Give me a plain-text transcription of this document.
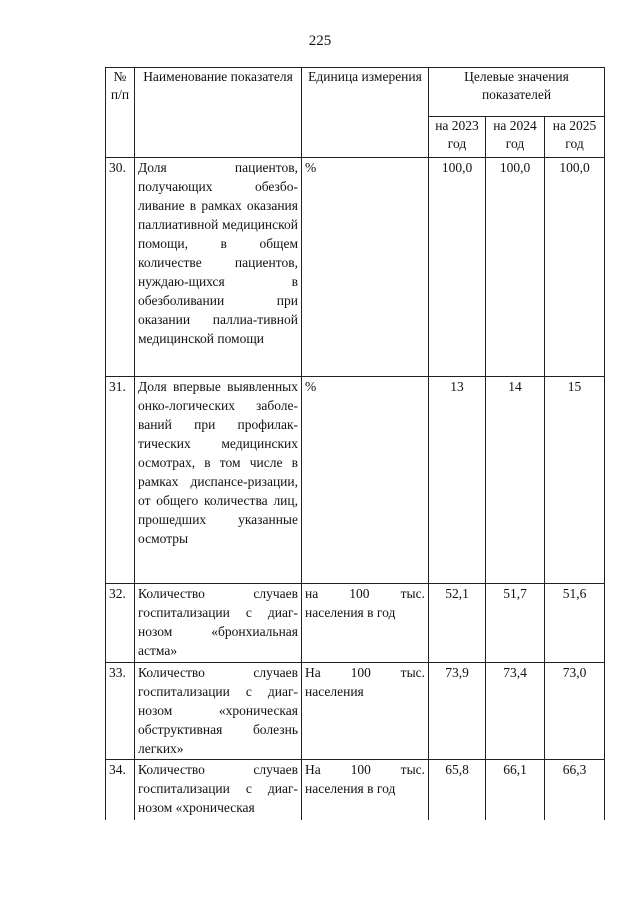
225
№ п/п	Наименование показателя	Единица измерения	Целевые значения показателей		
			на 2023 год	на 2024 год	на 2025 год
30.	Доля пациентов, получающих обезбо-ливание в рамках оказания паллиативной медицинской помощи, в общем количестве пациентов, нуждаю-щихся в обезболивании при оказании паллиа-тивной медицинской помощи	%	100,0	100,0	100,0
31.	Доля впервые выявленных онко-логических заболе-ваний при профилак-тических медицинских осмотрах, в том числе в рамках диспансе-ризации, от общего количества лиц, прошедших указанные осмотры	%	13	14	15
32.	Количество случаев госпитализации с диаг-нозом «бронхиальная астма»	на 100 тыс. населения в год	52,1	51,7	51,6
33.	Количество случаев госпитализации с диаг-нозом «хроническая обструктивная болезнь легких»	На 100 тыс. населения	73,9	73,4	73,0
34.	Количество случаев госпитализации с диаг-нозом «хроническая	На 100 тыс. населения в год	65,8	66,1	66,3
